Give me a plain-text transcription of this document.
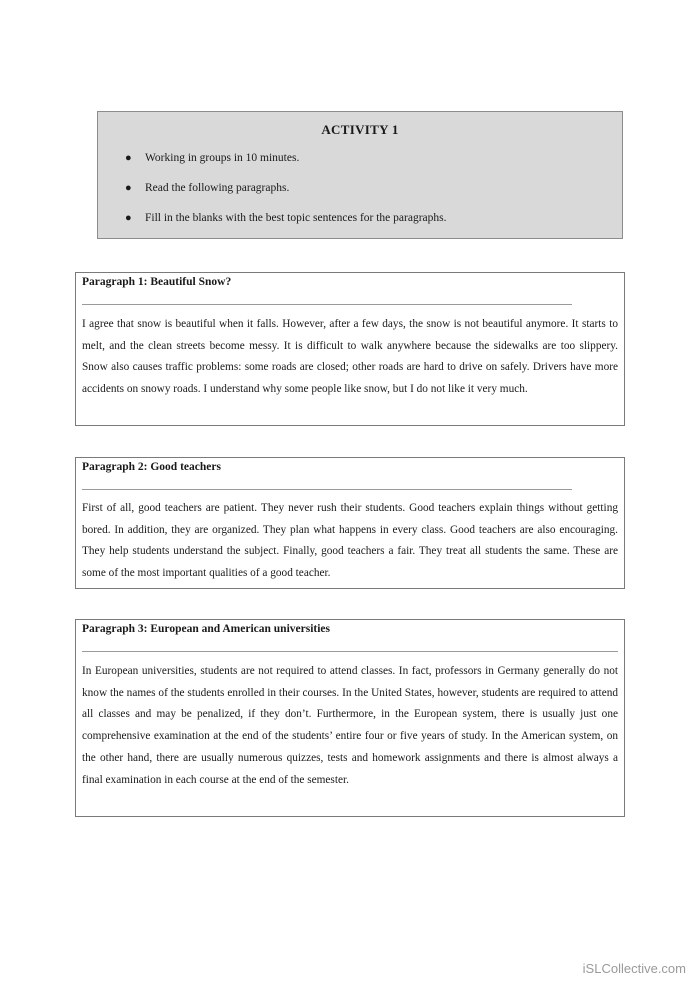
ACTIVITY 1
● Working in groups in 10 minutes.
● Read the following paragraphs.
● Fill in the blanks with the best topic sentences for the paragraphs.
Paragraph 1: Beautiful Snow?

I agree that snow is beautiful when it falls. However, after a few days, the snow is not beautiful anymore. It starts to melt, and the clean streets become messy. It is difficult to walk anywhere because the sidewalks are too slippery. Snow also causes traffic problems: some roads are closed; other roads are hard to drive on safely. Drivers have more accidents on snowy roads. I understand why some people like snow, but I do not like it very much.

Paragraph 2: Good teachers

First of all, good teachers are patient. They never rush their students. Good teachers explain things without getting bored. In addition, they are organized. They plan what happens in every class. Good teachers are also encouraging. They help students understand the subject. Finally, good teachers a fair. They treat all students the same. These are some of the most important qualities of a good teacher.

Paragraph 3: European and American universities

In European universities, students are not required to attend classes. In fact, professors in Germany generally do not know the names of the students enrolled in their courses. In the United States, however, students are required to attend all classes and may be penalized, if they don’t. Furthermore, in the European system, there is usually just one comprehensive examination at the end of the students’ entire four or five years of study. In the American system, on the other hand, there are usually numerous quizzes, tests and homework assignments and there is almost always a final examination in each course at the end of the semester.

iSLCollective.com
